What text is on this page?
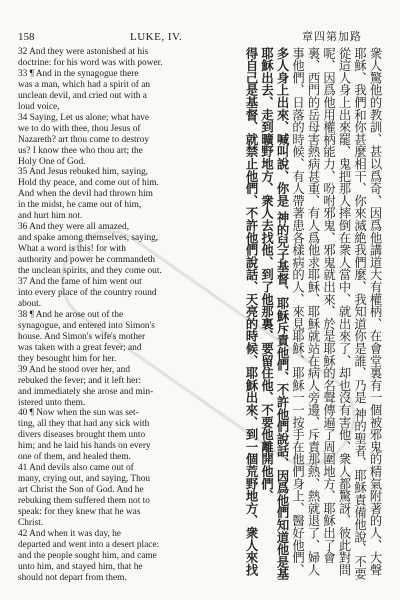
158	LUKE, IV.	章四第加路

32 And they were astonished at his

doctrine: for his word was with power.

33 ¶ And in the synagogue there

was a man, which had a spirit of an

unclean devil, and cried out with a

loud voice,

34 Saying, Let us alone; what have

we to do with thee, thou Jesus of

Nazareth? art thou come to destroy

us? I know thee who thou art; the

Holy One of God.

35 And Jesus rebuked him, saying,

Hold thy peace, and come out of him.

And when the devil had thrown him

in the midst, he came out of him,

and hurt him not.

36 And they were all amazed,

and spake among themselves, saying,

What a word is this! for with

authority and power he commandeth

the unclean spirits, and they come out.

37 And the fame of him went out

into every place of the country round

about.

38 ¶ And he arose out of the

synagogue, and entered into Simon's

house. And Simon's wife's mother

was taken with a great fever; and

they besought him for her.

39 And he stood over her, and

rebuked the fever; and it left her:

and immediately she arose and min-

istered unto them.

40 ¶ Now when the sun was set-

ting, all they that had any sick with

divers diseases brought them unto

him; and he laid his hands on every

one of them, and healed them.

41 And devils also came out of

many, crying out, and saying, Thou

art Christ the Son of God. And he

rebuking them suffered them not to

speak: for they knew that he was

Christ.

42 And when it was day, he

departed and went into a desert place:

and the people sought him, and came

unto him, and stayed him, that he

should not depart from them.

衆人驚他的教訓、甚以爲奇、因爲他講道大有權柄、在會堂裏有一個被邪鬼的精氣附著的人、大聲
耶穌、我們和你甚麼相干、你來滅絶我們麼、我知道你是誰、乃是 神的聖者、耶穌責備他說、不要
從這人身上出來罷、鬼把那人摔倒在衆人當中、就出來了、却也沒有害他、衆人都驚訝、彼此對問
呢、因爲他用權柄能力、吩咐邪鬼、邪鬼就出來、於是耶穌的名聲傳遍了周圍地方、耶穌出了會
裏、西門的岳母害熱病甚重、有人爲他求耶穌、耶穌就站在病人旁邊、斥責那熱、熱就退了、婦人
事他們、日落的時候、有人帶著患各樣病的人、來見耶穌、耶穌一一按手在他們身上、醫好他們、
多人身上出來、喊叫說、你是 神的兒子基督、耶穌斥責他們、不許他們說話、因爲他們知道他是基
耶穌出去、走到曠野地方、衆人去找他、到了他那裏、要留住他、不要他離開他們、
得自己是基督、就禁止他們、不許他們說話、天亮的時候、耶穌出來、到一個荒野地方、衆人來找
